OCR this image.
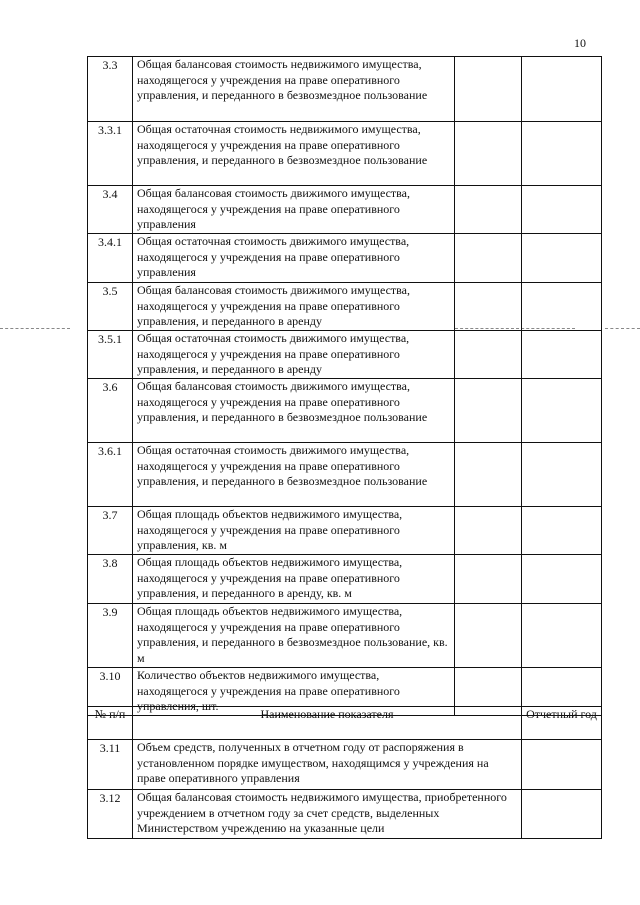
10
3.3	Общая балансовая стоимость недвижимого имущества, находящегося у учреждения на праве оперативного управления, и переданного в безвозмездное пользование		
3.3.1	Общая остаточная стоимость недвижимого имущества, находящегося у учреждения на праве оперативного управления, и переданного в безвозмездное пользование		
3.4	Общая балансовая стоимость движимого имущества, находящегося у учреждения на праве оперативного управления		
3.4.1	Общая остаточная стоимость движимого имущества, находящегося у учреждения на праве оперативного управления		
3.5	Общая балансовая стоимость движимого имущества, находящегося у учреждения на праве оперативного управления, и переданного в аренду		
3.5.1	Общая остаточная стоимость движимого имущества, находящегося у учреждения на праве оперативного управления, и переданного в аренду		
3.6	Общая балансовая стоимость движимого имущества, находящегося у учреждения на праве оперативного управления, и переданного в безвозмездное пользование		
3.6.1	Общая остаточная стоимость движимого имущества, находящегося у учреждения на праве оперативного управления, и переданного в безвозмездное пользование		
3.7	Общая площадь объектов недвижимого имущества, находящегося у учреждения на праве оперативного управления, кв. м		
3.8	Общая площадь объектов недвижимого имущества, находящегося у учреждения на праве оперативного управления, и переданного в аренду, кв. м		
3.9	Общая площадь объектов недвижимого имущества, находящегося у учреждения на праве оперативного управления, и переданного в безвозмездное пользование, кв. м		
3.10	Количество объектов недвижимого имущества, находящегося у учреждения на праве оперативного управления, шт.		
№ п/п	Наименование показателя	Отчетный год
3.11	Объем средств, полученных в отчетном году от распоряжения в установленном порядке имуществом, находящимся у учреждения на праве оперативного управления	
3.12	Общая балансовая стоимость недвижимого имущества, приобретенного учреждением в отчетном году за счет средств, выделенных Министерством учреждению на указанные цели	
